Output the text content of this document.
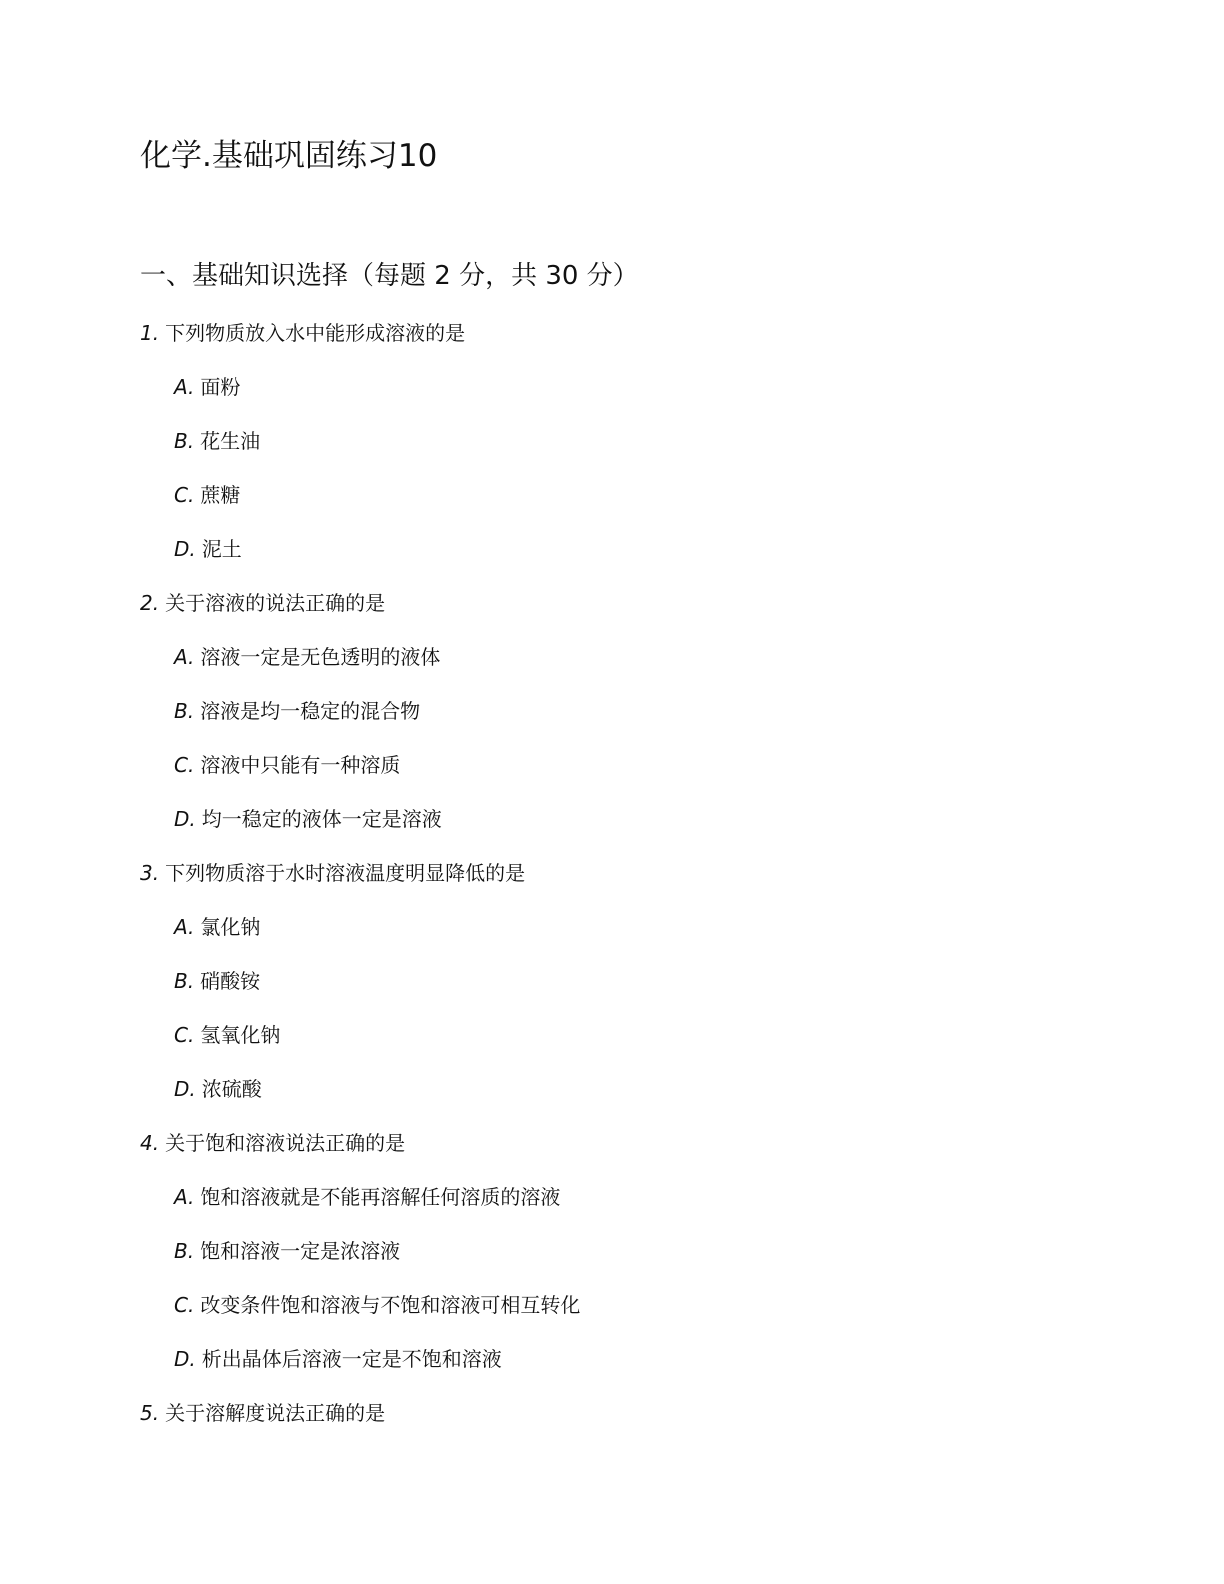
化学.基础巩固练习10
一、基础知识选择（每题 2 分，共 30 分）
1. 下列物质放入水中能形成溶液的是
A. 面粉
B. 花生油
C. 蔗糖
D. 泥土
2. 关于溶液的说法正确的是
A. 溶液一定是无色透明的液体
B. 溶液是均一稳定的混合物
C. 溶液中只能有一种溶质
D. 均一稳定的液体一定是溶液
3. 下列物质溶于水时溶液温度明显降低的是
A. 氯化钠
B. 硝酸铵
C. 氢氧化钠
D. 浓硫酸
4. 关于饱和溶液说法正确的是
A. 饱和溶液就是不能再溶解任何溶质的溶液
B. 饱和溶液一定是浓溶液
C. 改变条件饱和溶液与不饱和溶液可相互转化
D. 析出晶体后溶液一定是不饱和溶液
5. 关于溶解度说法正确的是
